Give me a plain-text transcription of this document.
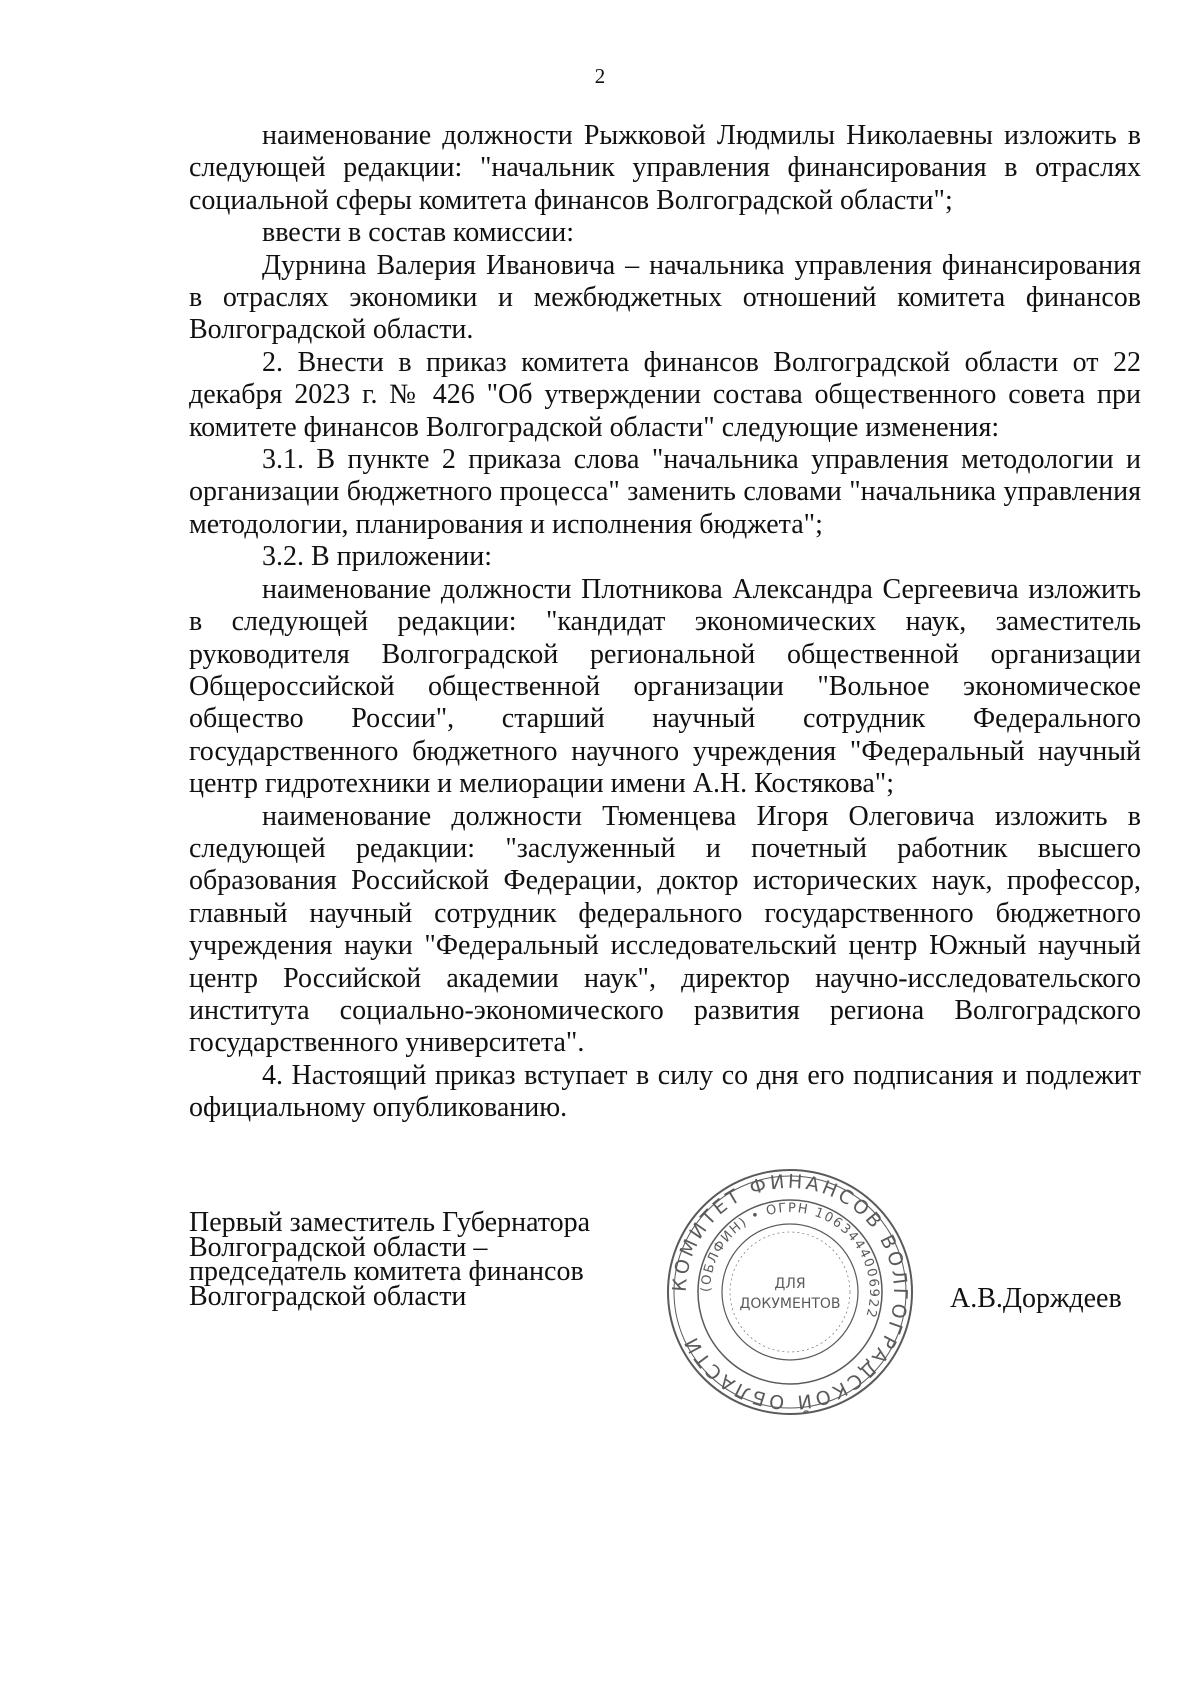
2

наименование должности Рыжковой Людмилы Николаевны изложить в следующей редакции: "начальник управления финансирования в отраслях социальной сферы комитета финансов Волгоградской области";

ввести в состав комиссии:

Дурнина Валерия Ивановича – начальника управления финансирования в отраслях экономики и межбюджетных отношений комитета финансов Волгоградской области.

2. Внести в приказ комитета финансов Волгоградской области от 22 декабря 2023 г. № 426 "Об утверждении состава общественного совета при комитете финансов Волгоградской области" следующие изменения:

3.1. В пункте 2 приказа слова "начальника управления методологии и организации бюджетного процесса" заменить словами "начальника управления методологии, планирования и исполнения бюджета";

3.2. В приложении:

наименование должности Плотникова Александра Сергеевича изложить в следующей редакции: "кандидат экономических наук, заместитель руководителя Волгоградской региональной общественной организации Общероссийской общественной организации "Вольное экономическое общество России", старший научный сотрудник Федерального государственного бюджетного научного учреждения "Федеральный научный центр гидротехники и мелиорации имени А.Н. Костякова";

наименование должности Тюменцева Игоря Олеговича изложить в следующей редакции: "заслуженный и почетный работник высшего образования Российской Федерации, доктор исторических наук, профессор, главный научный сотрудник федерального государственного бюджетного учреждения науки "Федеральный исследовательский центр Южный научный центр Российской академии наук", директор научно-исследовательского института социально-экономического развития региона Волгоградского государственного университета".

4. Настоящий приказ вступает в силу со дня его подписания и подлежит официальному опубликованию.

Первый заместитель Губернатора
Волгоградской области –
председатель комитета финансов
Волгоградской области	КОМИТЕТ ФИНАНСОВ ВОЛГОГРАДСКОЙ ОБЛАСТИ
(ОБЛФИН) • ОГРН 1063444006922
ДЛЯ
ДОКУМЕНТОВ	А.В.Дорждеев
